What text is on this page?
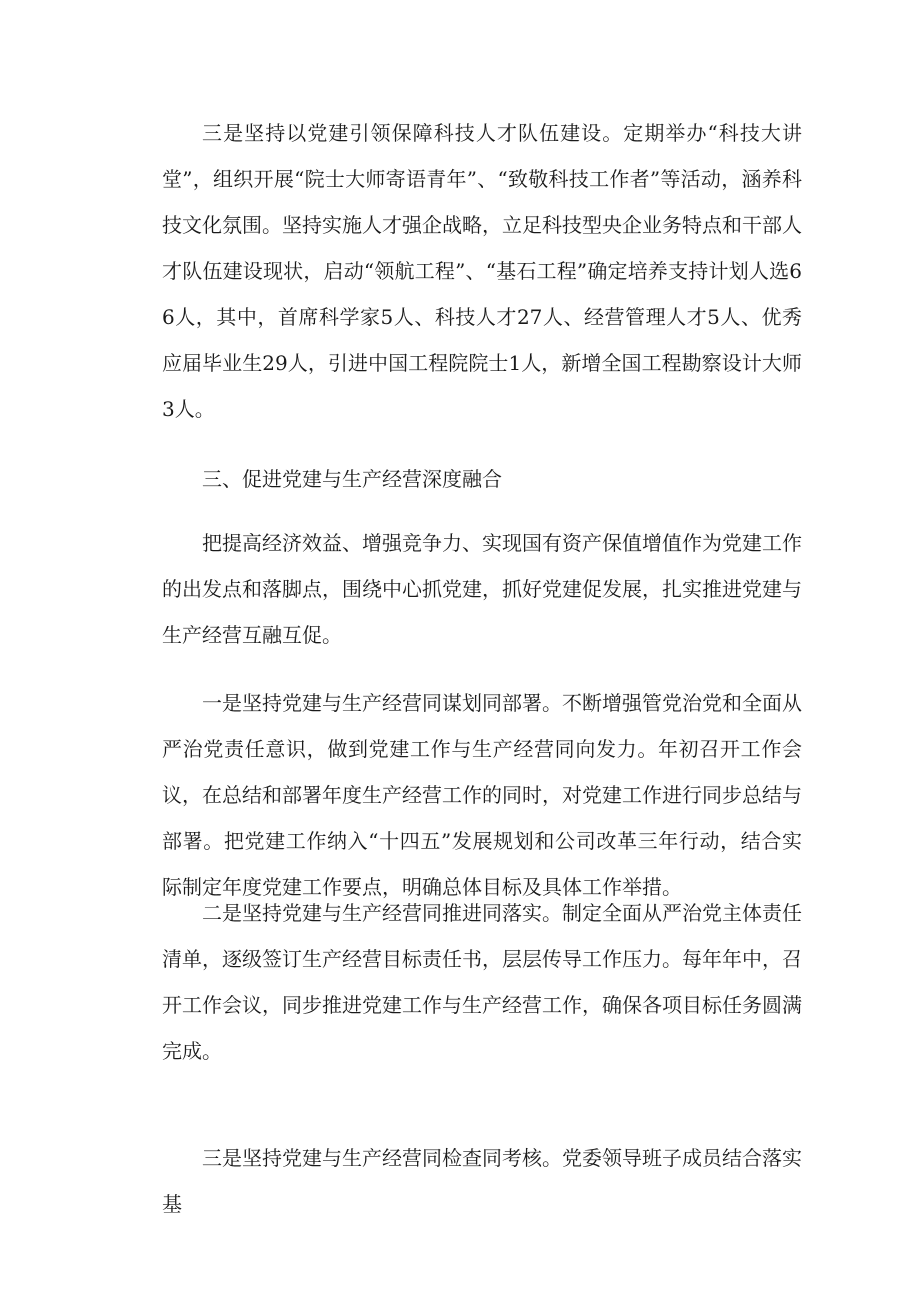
三是坚持以党建引领保障科技人才队伍建设。定期举办“科技大讲堂”，组织开展“院士大师寄语青年”、“致敬科技工作者”等活动，涵养科技文化氛围。坚持实施人才强企战略，立足科技型央企业务特点和干部人才队伍建设现状，启动“领航工程”、“基石工程”确定培养支持计划人选66人，其中，首席科学家5人、科技人才27人、经营管理人才5人、优秀应届毕业生29人，引进中国工程院院士1人，新增全国工程勘察设计大师3人。

三、促进党建与生产经营深度融合

把提高经济效益、增强竞争力、实现国有资产保值增值作为党建工作的出发点和落脚点，围绕中心抓党建，抓好党建促发展，扎实推进党建与生产经营互融互促。

一是坚持党建与生产经营同谋划同部署。不断增强管党治党和全面从严治党责任意识，做到党建工作与生产经营同向发力。年初召开工作会议，在总结和部署年度生产经营工作的同时，对党建工作进行同步总结与部署。把党建工作纳入“十四五”发展规划和公司改革三年行动，结合实际制定年度党建工作要点，明确总体目标及具体工作举措。

二是坚持党建与生产经营同推进同落实。制定全面从严治党主体责任清单，逐级签订生产经营目标责任书，层层传导工作压力。每年年中，召开工作会议，同步推进党建工作与生产经营工作，确保各项目标任务圆满完成。

三是坚持党建与生产经营同检查同考核。党委领导班子成员结合落实基
